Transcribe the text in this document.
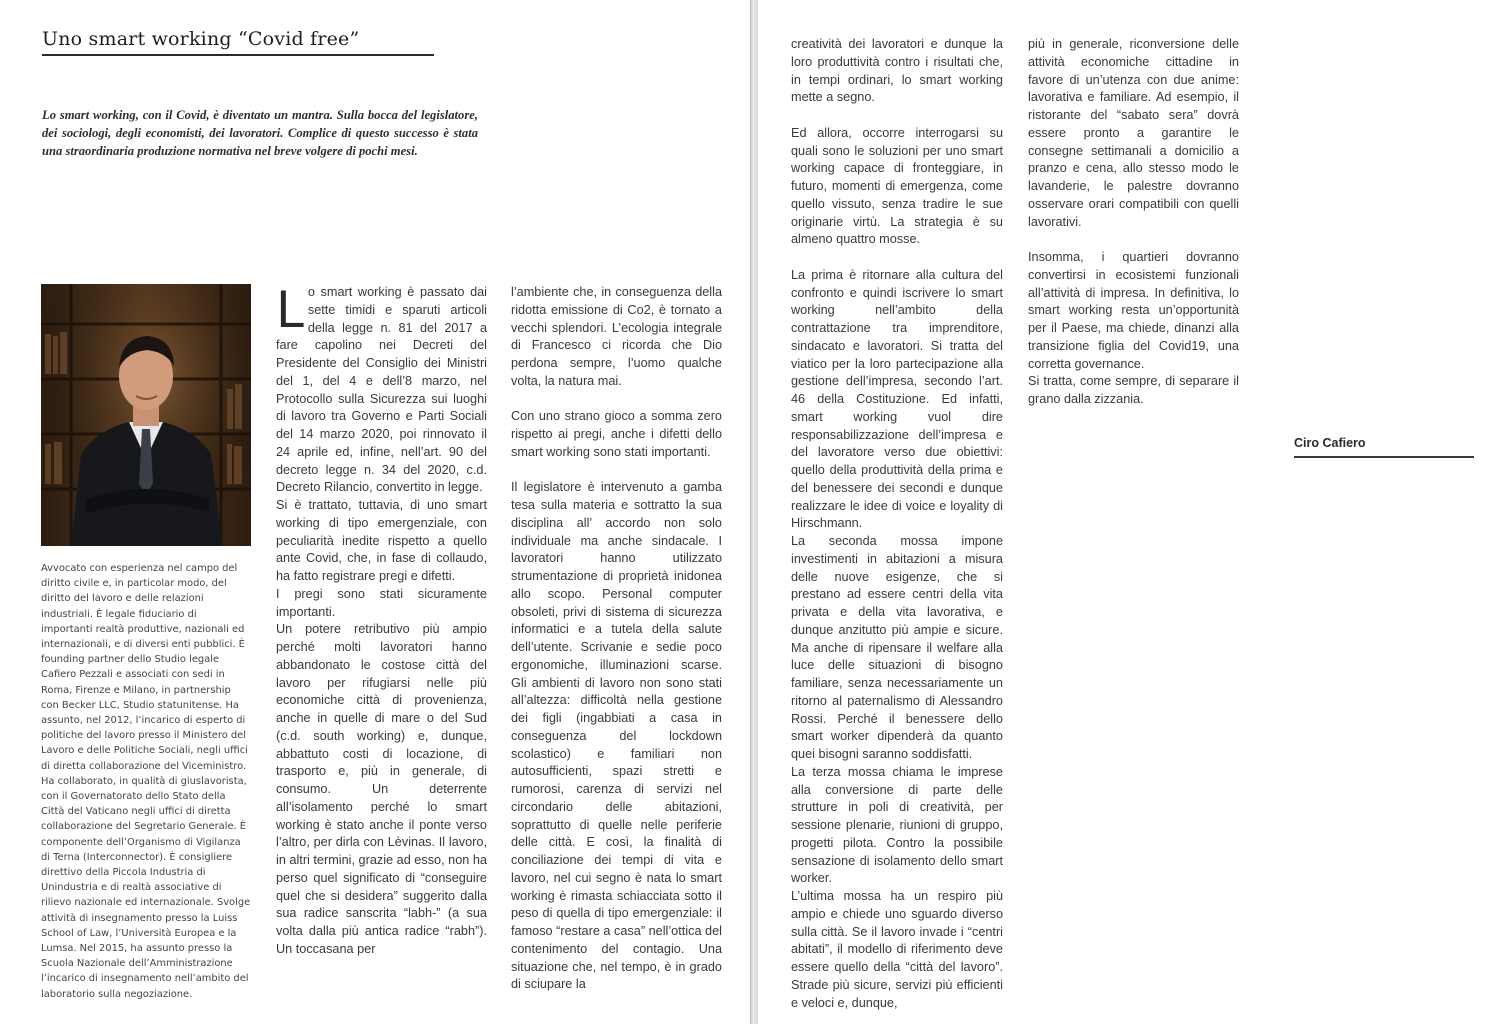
Uno smart working “Covid free”
Lo smart working, con il Covid, è diventato un mantra. Sulla bocca del legislatore, dei sociologi, degli economisti, dei lavoratori. Complice di questo successo è stata una straordinaria produzione normativa nel breve volgere di pochi mesi.
Avvocato con esperienza nel campo del diritto civile e, in particolar modo, del diritto del lavoro e delle relazioni industriali. È legale fiduciario di importanti realtà produttive, nazionali ed internazionali, e di diversi enti pubblici. È founding partner dello Studio legale Cafiero Pezzali e associati con sedi in Roma, Firenze e Milano, in partnership con Becker LLC, Studio statunitense. Ha assunto, nel 2012, l’incarico di esperto di politiche del lavoro presso il Ministero del Lavoro e delle Politiche Sociali, negli uffici di diretta collaborazione del Viceministro. Ha collaborato, in qualità di giuslavorista, con il Governatorato dello Stato della Città del Vaticano negli uffici di diretta collaborazione del Segretario Generale. È componente dell’Organismo di Vigilanza di Terna (Interconnector). È consigliere direttivo della Piccola Industria di Unindustria e di realtà associative di rilievo nazionale ed internazionale. Svolge attività di insegnamento presso la Luiss School of Law, l’Università Europea e la Lumsa. Nel 2015, ha assunto presso la Scuola Nazionale dell’Amministrazione l’incarico di insegnamento nell’ambito del laboratorio sulla negoziazione.

Lo smart working è passato dai sette timidi e sparuti articoli della legge n. 81 del 2017 a fare capolino nei Decreti del Presidente del Consiglio dei Ministri del 1, del 4 e dell’8 marzo, nel Protocollo sulla Sicurezza sui luoghi di lavoro tra Governo e Parti Sociali del 14 marzo 2020, poi rinnovato il 24 aprile ed, infine, nell’art. 90 del decreto legge n. 34 del 2020, c.d. Decreto Rilancio, convertito in legge.

Si è trattato, tuttavia, di uno smart working di tipo emergenziale, con peculiarità inedite rispetto a quello ante Covid, che, in fase di collaudo, ha fatto registrare pregi e difetti.

I pregi sono stati sicuramente importanti.

Un potere retributivo più ampio perché molti lavoratori hanno abbandonato le costose città del lavoro per rifugiarsi nelle più economiche città di provenienza, anche in quelle di mare o del Sud (c.d. south working) e, dunque, abbattuto costi di locazione, di trasporto e, più in generale, di consumo. Un deterrente all’isolamento perché lo smart working è stato anche il ponte verso l’altro, per dirla con Lèvinas. Il lavoro, in altri termini, grazie ad esso, non ha perso quel significato di “conseguire quel che si desidera” suggerito dalla sua radice sanscrita “labh-” (a sua volta dalla più antica radice “rabh”). Un toccasana per

l’ambiente che, in conseguenza della ridotta emissione di Co2, è tornato a vecchi splendori. L’ecologia integrale di Francesco ci ricorda che Dio perdona sempre, l’uomo qualche volta, la natura mai.

Con uno strano gioco a somma zero rispetto ai pregi, anche i difetti dello smart working sono stati importanti.

Il legislatore è intervenuto a gamba tesa sulla materia e sottratto la sua disciplina all’ accordo non solo individuale ma anche sindacale. I lavoratori hanno utilizzato strumentazione di proprietà inidonea allo scopo. Personal computer obsoleti, privi di sistema di sicurezza informatici e a tutela della salute dell’utente. Scrivanie e sedie poco ergonomiche, illuminazioni scarse. Gli ambienti di lavoro non sono stati all’altezza: difficoltà nella gestione dei figli (ingabbiati a casa in conseguenza del lockdown scolastico) e familiari non autosufficienti, spazi stretti e rumorosi, carenza di servizi nel circondario delle abitazioni, soprattutto di quelle nelle periferie delle città. E così, la finalità di conciliazione dei tempi di vita e lavoro, nel cui segno è nata lo smart working è rimasta schiacciata sotto il peso di quella di tipo emergenziale: il famoso “restare a casa” nell’ottica del contenimento del contagio. Una situazione che, nel tempo, è in grado di sciupare la

creatività dei lavoratori e dunque la loro produttività contro i risultati che, in tempi ordinari, lo smart working mette a segno.

Ed allora, occorre interrogarsi su quali sono le soluzioni per uno smart working capace di fronteggiare, in futuro, momenti di emergenza, come quello vissuto, senza tradire le sue originarie virtù. La strategia è su almeno quattro mosse.

La prima è ritornare alla cultura del confronto e quindi iscrivere lo smart working nell’ambito della contrattazione tra imprenditore, sindacato e lavoratori. Si tratta del viatico per la loro partecipazione alla gestione dell’impresa, secondo l’art. 46 della Costituzione. Ed infatti, smart working vuol dire responsabilizzazione dell’impresa e del lavoratore verso due obiettivi: quello della produttività della prima e del benessere dei secondi e dunque realizzare le idee di voice e loyality di Hirschmann.

La seconda mossa impone investimenti in abitazioni a misura delle nuove esigenze, che si prestano ad essere centri della vita privata e della vita lavorativa, e dunque anzitutto più ampie e sicure. Ma anche di ripensare il welfare alla luce delle situazioni di bisogno familiare, senza necessariamente un ritorno al paternalismo di Alessandro Rossi. Perché il benessere dello smart worker dipenderà da quanto quei bisogni saranno soddisfatti.

La terza mossa chiama le imprese alla conversione di parte delle strutture in poli di creatività, per sessione plenarie, riunioni di gruppo, progetti pilota. Contro la possibile sensazione di isolamento dello smart worker.

L’ultima mossa ha un respiro più ampio e chiede uno sguardo diverso sulla città. Se il lavoro invade i “centri abitati”, il modello di riferimento deve essere quello della “città del lavoro”. Strade più sicure, servizi più efficienti e veloci e, dunque,

più in generale, riconversione delle attività economiche cittadine in favore di un’utenza con due anime: lavorativa e familiare. Ad esempio, il ristorante del “sabato sera” dovrà essere pronto a garantire le consegne settimanali a domicilio a pranzo e cena, allo stesso modo le lavanderie, le palestre dovranno osservare orari compatibili con quelli lavorativi.

Insomma, i quartieri dovranno convertirsi in ecosistemi funzionali all’attività di impresa. In definitiva, lo smart working resta un’opportunità per il Paese, ma chiede, dinanzi alla transizione figlia del Covid19, una corretta governance.

Si tratta, come sempre, di separare il grano dalla zizzania.

Ciro Cafiero
